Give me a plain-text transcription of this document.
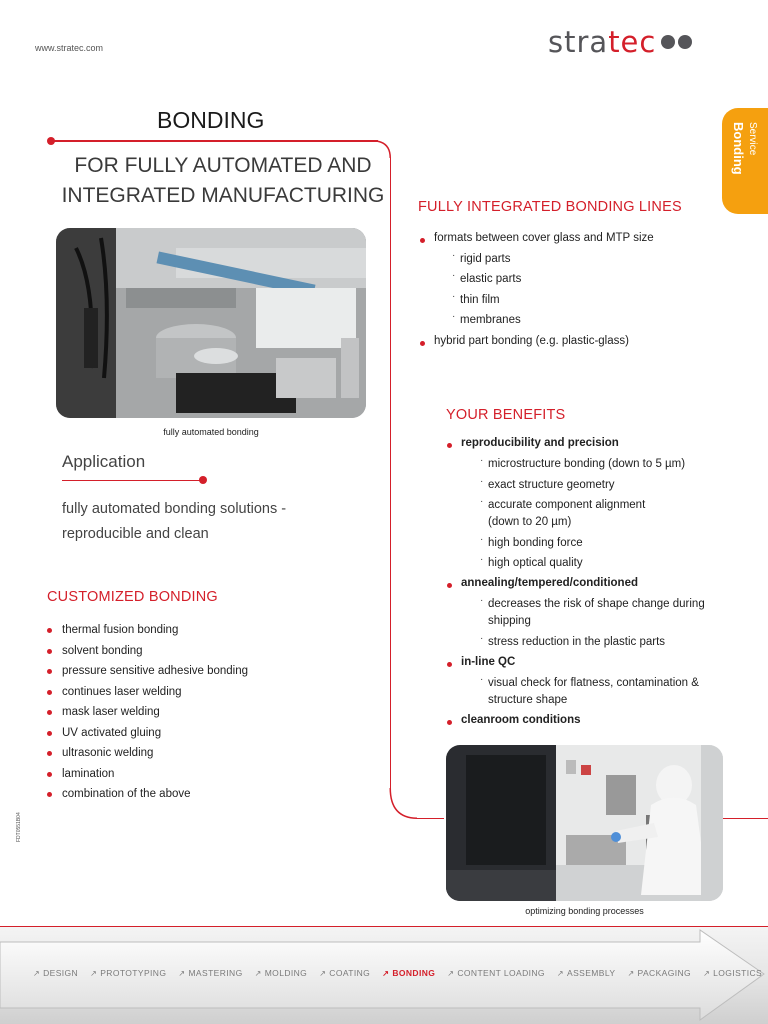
www.stratec.com	stratec
Service
Bonding
BONDING
FOR FULLY AUTOMATED AND
INTEGRATED MANUFACTURING
fully automated bonding
Application
fully automated bonding solutions -
reproducible and clean
CUSTOMIZED BONDING
thermal fusion bonding
solvent bonding
pressure sensitive adhesive bonding
continues laser welding
mask laser welding
UV activated gluing
ultrasonic welding
lamination
combination of the above
FULLY INTEGRATED BONDING LINES
formats between cover glass and MTP size
· rigid parts
· elastic parts
· thin film
· membranes
hybrid part bonding (e.g. plastic-glass)
YOUR BENEFITS
reproducibility and precision
· microstructure bonding (down to 5 µm)
· exact structure geometry
· accurate component alignment
(down to 20 µm)
· high bonding force
· high optical quality
annealing/tempered/conditioned
· decreases the risk of shape change during
shipping
· stress reduction in the plastic parts
in-line QC
· visual check for flatness, contamination &
structure shape
cleanroom conditions
optimizing bonding processes
FDT0551B04
↗ DESIGN ↗ PROTOTYPING ↗ MASTERING ↗ MOLDING ↗ COATING ↗ BONDING ↗ CONTENT LOADING ↗ ASSEMBLY ↗ PACKAGING ↗ LOGISTICS
